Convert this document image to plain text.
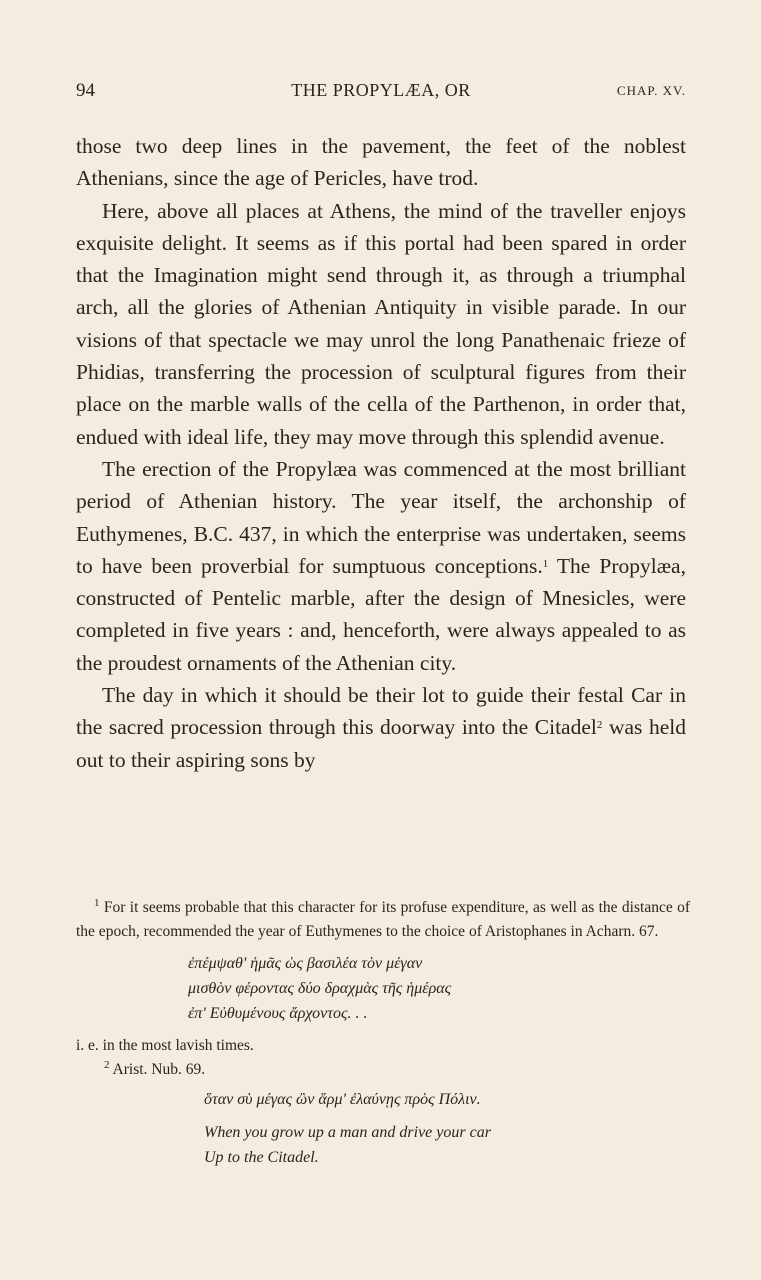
94	THE PROPYLÆA, OR	CHAP. XV.

those two deep lines in the pavement, the feet of the noblest Athenians, since the age of Pericles, have trod.

Here, above all places at Athens, the mind of the traveller enjoys exquisite delight. It seems as if this portal had been spared in order that the Imagination might send through it, as through a triumphal arch, all the glories of Athenian Antiquity in visible parade. In our visions of that spectacle we may unrol the long Panathenaic frieze of Phidias, transferring the procession of sculptural figures from their place on the marble walls of the cella of the Parthenon, in order that, endued with ideal life, they may move through this splendid avenue.

The erection of the Propylæa was commenced at the most brilliant period of Athenian history. The year itself, the archonship of Euthymenes, B.C. 437, in which the enterprise was undertaken, seems to have been proverbial for sumptuous conceptions.$^1$ The Propylæa, constructed of Pentelic marble, after the design of Mnesicles, were completed in five years : and, henceforth, were always appealed to as the proudest ornaments of the Athenian city.

The day in which it should be their lot to guide their festal Car in the sacred procession through this doorway into the Citadel$^2$ was held out to their aspiring sons by

$^1$ For it seems probable that this character for its profuse expenditure, as well as the distance of the epoch, recommended the year of Euthymenes to the choice of Aristophanes in Acharn. 67.

ἐπέμψαθ' ἡμᾶς ὡς βασιλέα τὸν μέγαν
μισθὸν φέροντας δύο δραχμὰς τῆς ἡμέρας
ἐπ' Εὐθυμένους ἄρχοντος. . .

i. e. in the most lavish times.

$^2$ Arist. Nub. 69.

ὅταν σὺ μέγας ὢν ἅρμ' ἐλαύνῃς πρὸς Πόλιν.
When you grow up a man and drive your car
Up to the Citadel.
